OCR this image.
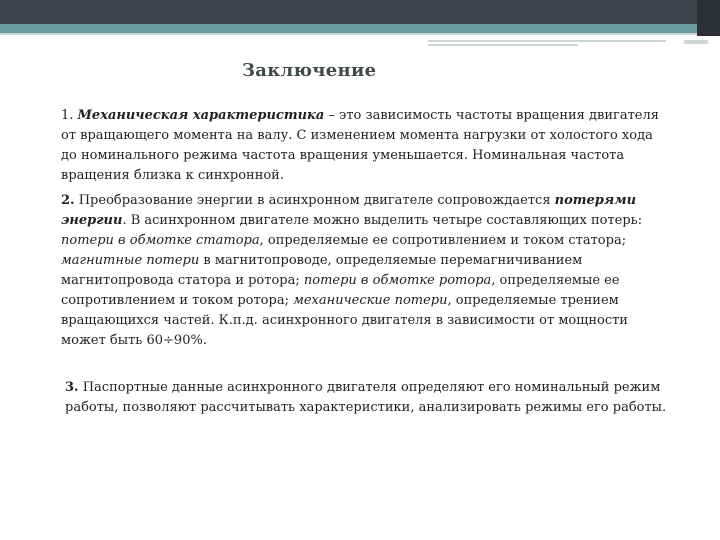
Заключение

1. Механическая характеристика – это зависимость частоты вращения двигателя от вращающего момента на валу. С изменением момента нагрузки от холостого хода до номинального режима частота вращения уменьшается. Номинальная частота вращения близка к синхронной.

2. Преобразование энергии в асинхронном двигателе сопровождается потерями энергии. В асинхронном двигателе можно выделить четыре составляющих потерь: потери в обмотке статора, определяемые ее сопротивлением и током статора; магнитные потери в магнитопроводе, определяемые перемагничиванием магнитопровода статора и ротора; потери в обмотке ротора, определяемые ее сопротивлением и током ротора; механические потери, определяемые трением вращающихся частей. К.п.д. асинхронного двигателя в зависимости от мощности может быть 60÷90%.

3. Паспортные данные асинхронного двигателя определяют его номинальный режим работы, позволяют рассчитывать характеристики, анализировать режимы его работы.
